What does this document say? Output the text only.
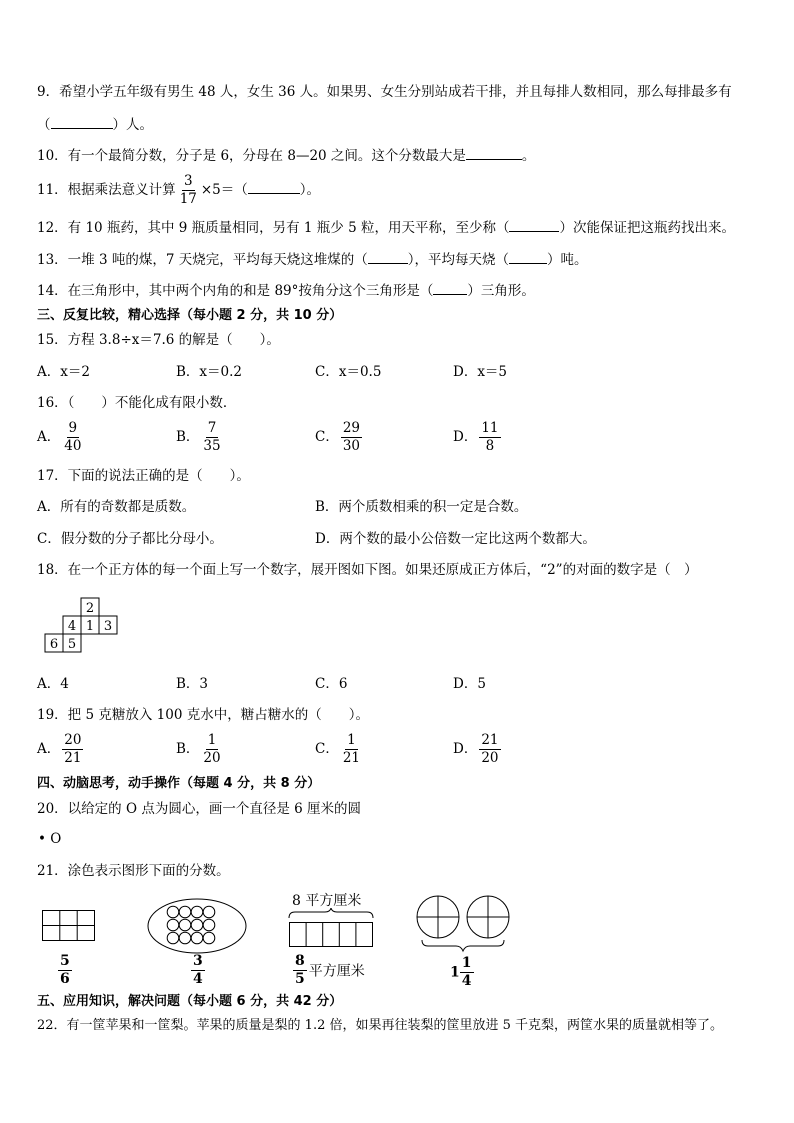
9．希望小学五年级有男生 48 人，女生 36 人。如果男、女生分别站成若干排，并且每排人数相同，那么每排最多有
（	）人。
10．有一个最简分数，分子是 6，分母在 8—20 之间。这个分数最大是	。
11．根据乘法意义计算 $\frac{3}{17} \times 5=$（	）。
12．有 10 瓶药，其中 9 瓶质量相同，另有 1 瓶少 5 粒，用天平称，至少称（	）次能保证把这瓶药找出来。
13．一堆 3 吨的煤，7 天烧完，平均每天烧这堆煤的（	），平均每天烧（	）吨。
14．在三角形中，其中两个内角的和是 89°按角分这个三角形是（	）三角形。
三、反复比较，精心选择（每小题 2 分，共 10 分）
15．方程 3.8÷x＝7.6 的解是（　　）。
A．x＝2	B．x＝0.2	C．x＝0.5	D．x＝5
16．（　　）不能化成有限小数．
A． $\frac{9}{40}$	B． $\frac{7}{35}$	C． $\frac{29}{30}$	D． $\frac{11}{8}$
17．下面的说法正确的是（　　）。
A．所有的奇数都是质数。	B．两个质数相乘的积一定是合数。
C．假分数的分子都比分母小。	D．两个数的最小公倍数一定比这两个数都大。
18．在一个正方体的每一个面上写一个数字，展开图如下图。如果还原成正方体后，“2”的对面的数字是（　）
2
4 1 3
6 5
A．4	B．3	C．6	D．5
19．把 5 克糖放入 100 克水中，糖占糖水的（　　）。
A． $\frac{20}{21}$	B． $\frac{1}{20}$	C． $\frac{1}{21}$	D． $\frac{21}{20}$
四、动脑思考，动手操作（每题 4 分，共 8 分）
20．以给定的 O 点为圆心，画一个直径是 6 厘米的圆
• O
21．涂色表示图形下面的分数。
$\frac{5}{6}$	$\frac{3}{4}$
8 平方厘米
$\frac{8}{5}$ 平方厘米	$1 \frac{1}{4}$
五、应用知识，解决问题（每小题 6 分，共 42 分）
22．有一筐苹果和一筐梨。苹果的质量是梨的 1.2 倍，如果再往装梨的筐里放进 5 千克梨，两筐水果的质量就相等了。
